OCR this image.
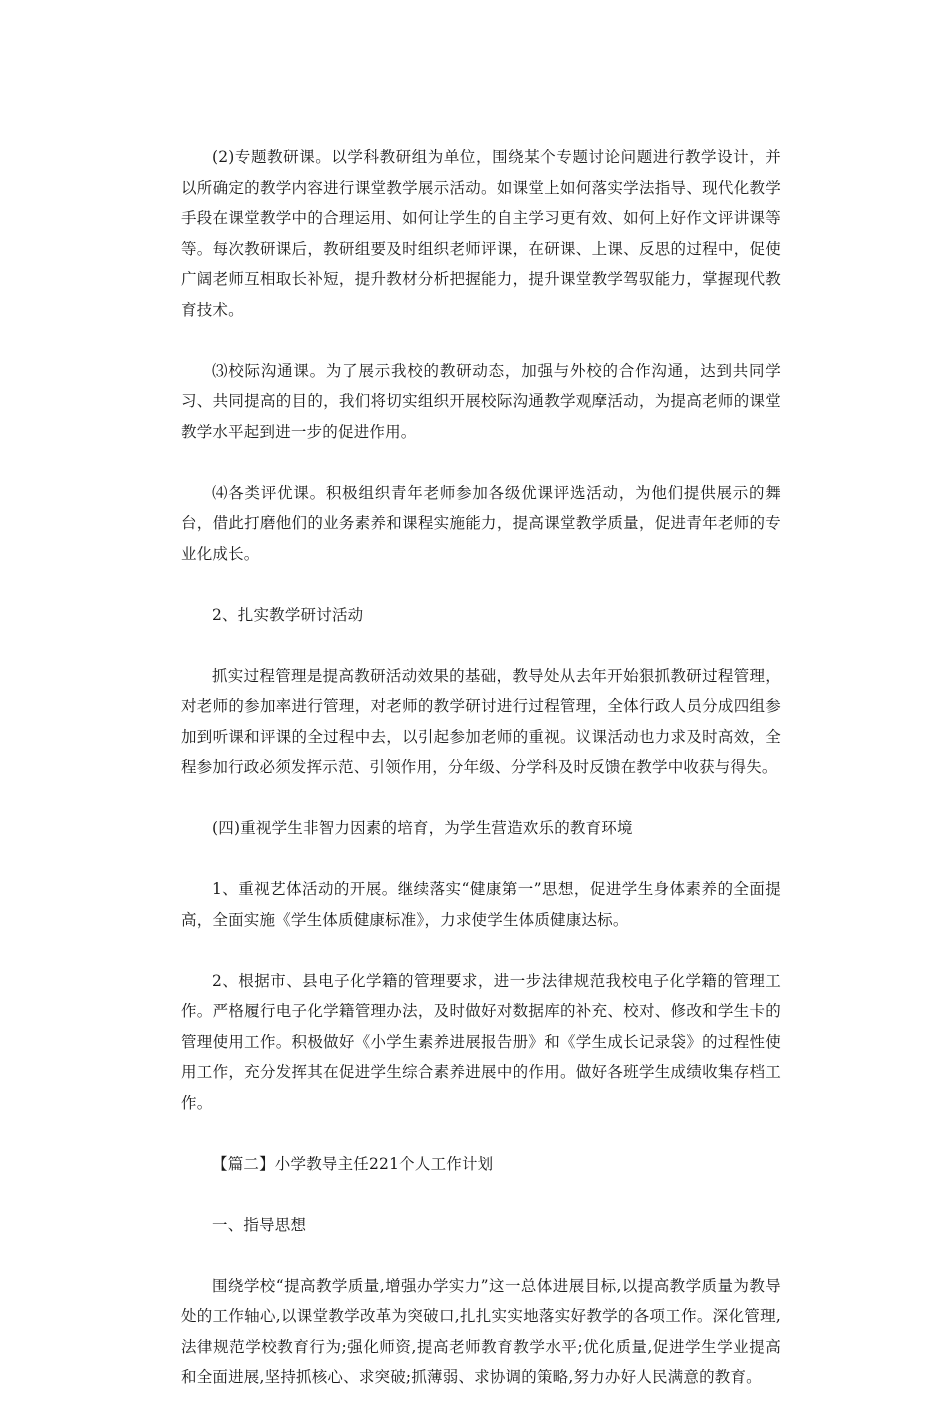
(2)专题教研课。以学科教研组为单位，围绕某个专题讨论问题进行教学设计，并以所确定的教学内容进行课堂教学展示活动。如课堂上如何落实学法指导、现代化教学手段在课堂教学中的合理运用、如何让学生的自主学习更有效、如何上好作文评讲课等等。每次教研课后，教研组要及时组织老师评课，在研课、上课、反思的过程中，促使广阔老师互相取长补短，提升教材分析把握能力，提升课堂教学驾驭能力，掌握现代教育技术。

⑶校际沟通课。为了展示我校的教研动态，加强与外校的合作沟通，达到共同学习、共同提高的目的，我们将切实组织开展校际沟通教学观摩活动，为提高老师的课堂教学水平起到进一步的促进作用。

⑷各类评优课。积极组织青年老师参加各级优课评选活动，为他们提供展示的舞台，借此打磨他们的业务素养和课程实施能力，提高课堂教学质量，促进青年老师的专业化成长。

2、扎实教学研讨活动

抓实过程管理是提高教研活动效果的基础，教导处从去年开始狠抓教研过程管理，对老师的参加率进行管理，对老师的教学研讨进行过程管理，全体行政人员分成四组参加到听课和评课的全过程中去，以引起参加老师的重视。议课活动也力求及时高效，全程参加行政必须发挥示范、引领作用，分年级、分学科及时反馈在教学中收获与得失。

(四)重视学生非智力因素的培育，为学生营造欢乐的教育环境

1、重视艺体活动的开展。继续落实“健康第一”思想，促进学生身体素养的全面提高，全面实施《学生体质健康标准》，力求使学生体质健康达标。

2、根据市、县电子化学籍的管理要求，进一步法律规范我校电子化学籍的管理工作。严格履行电子化学籍管理办法，及时做好对数据库的补充、校对、修改和学生卡的管理使用工作。积极做好《小学生素养进展报告册》和《学生成长记录袋》的过程性使用工作，充分发挥其在促进学生综合素养进展中的作用。做好各班学生成绩收集存档工作。

【篇二】小学教导主任221个人工作计划

一、指导思想

围绕学校“提高教学质量,增强办学实力”这一总体进展目标,以提高教学质量为教导处的工作轴心,以课堂教学改革为突破口,扎扎实实地落实好教学的各项工作。深化管理,法律规范学校教育行为;强化师资,提高老师教育教学水平;优化质量,促进学生学业提高和全面进展,坚持抓核心、求突破;抓薄弱、求协调的策略,努力办好人民满意的教育。
